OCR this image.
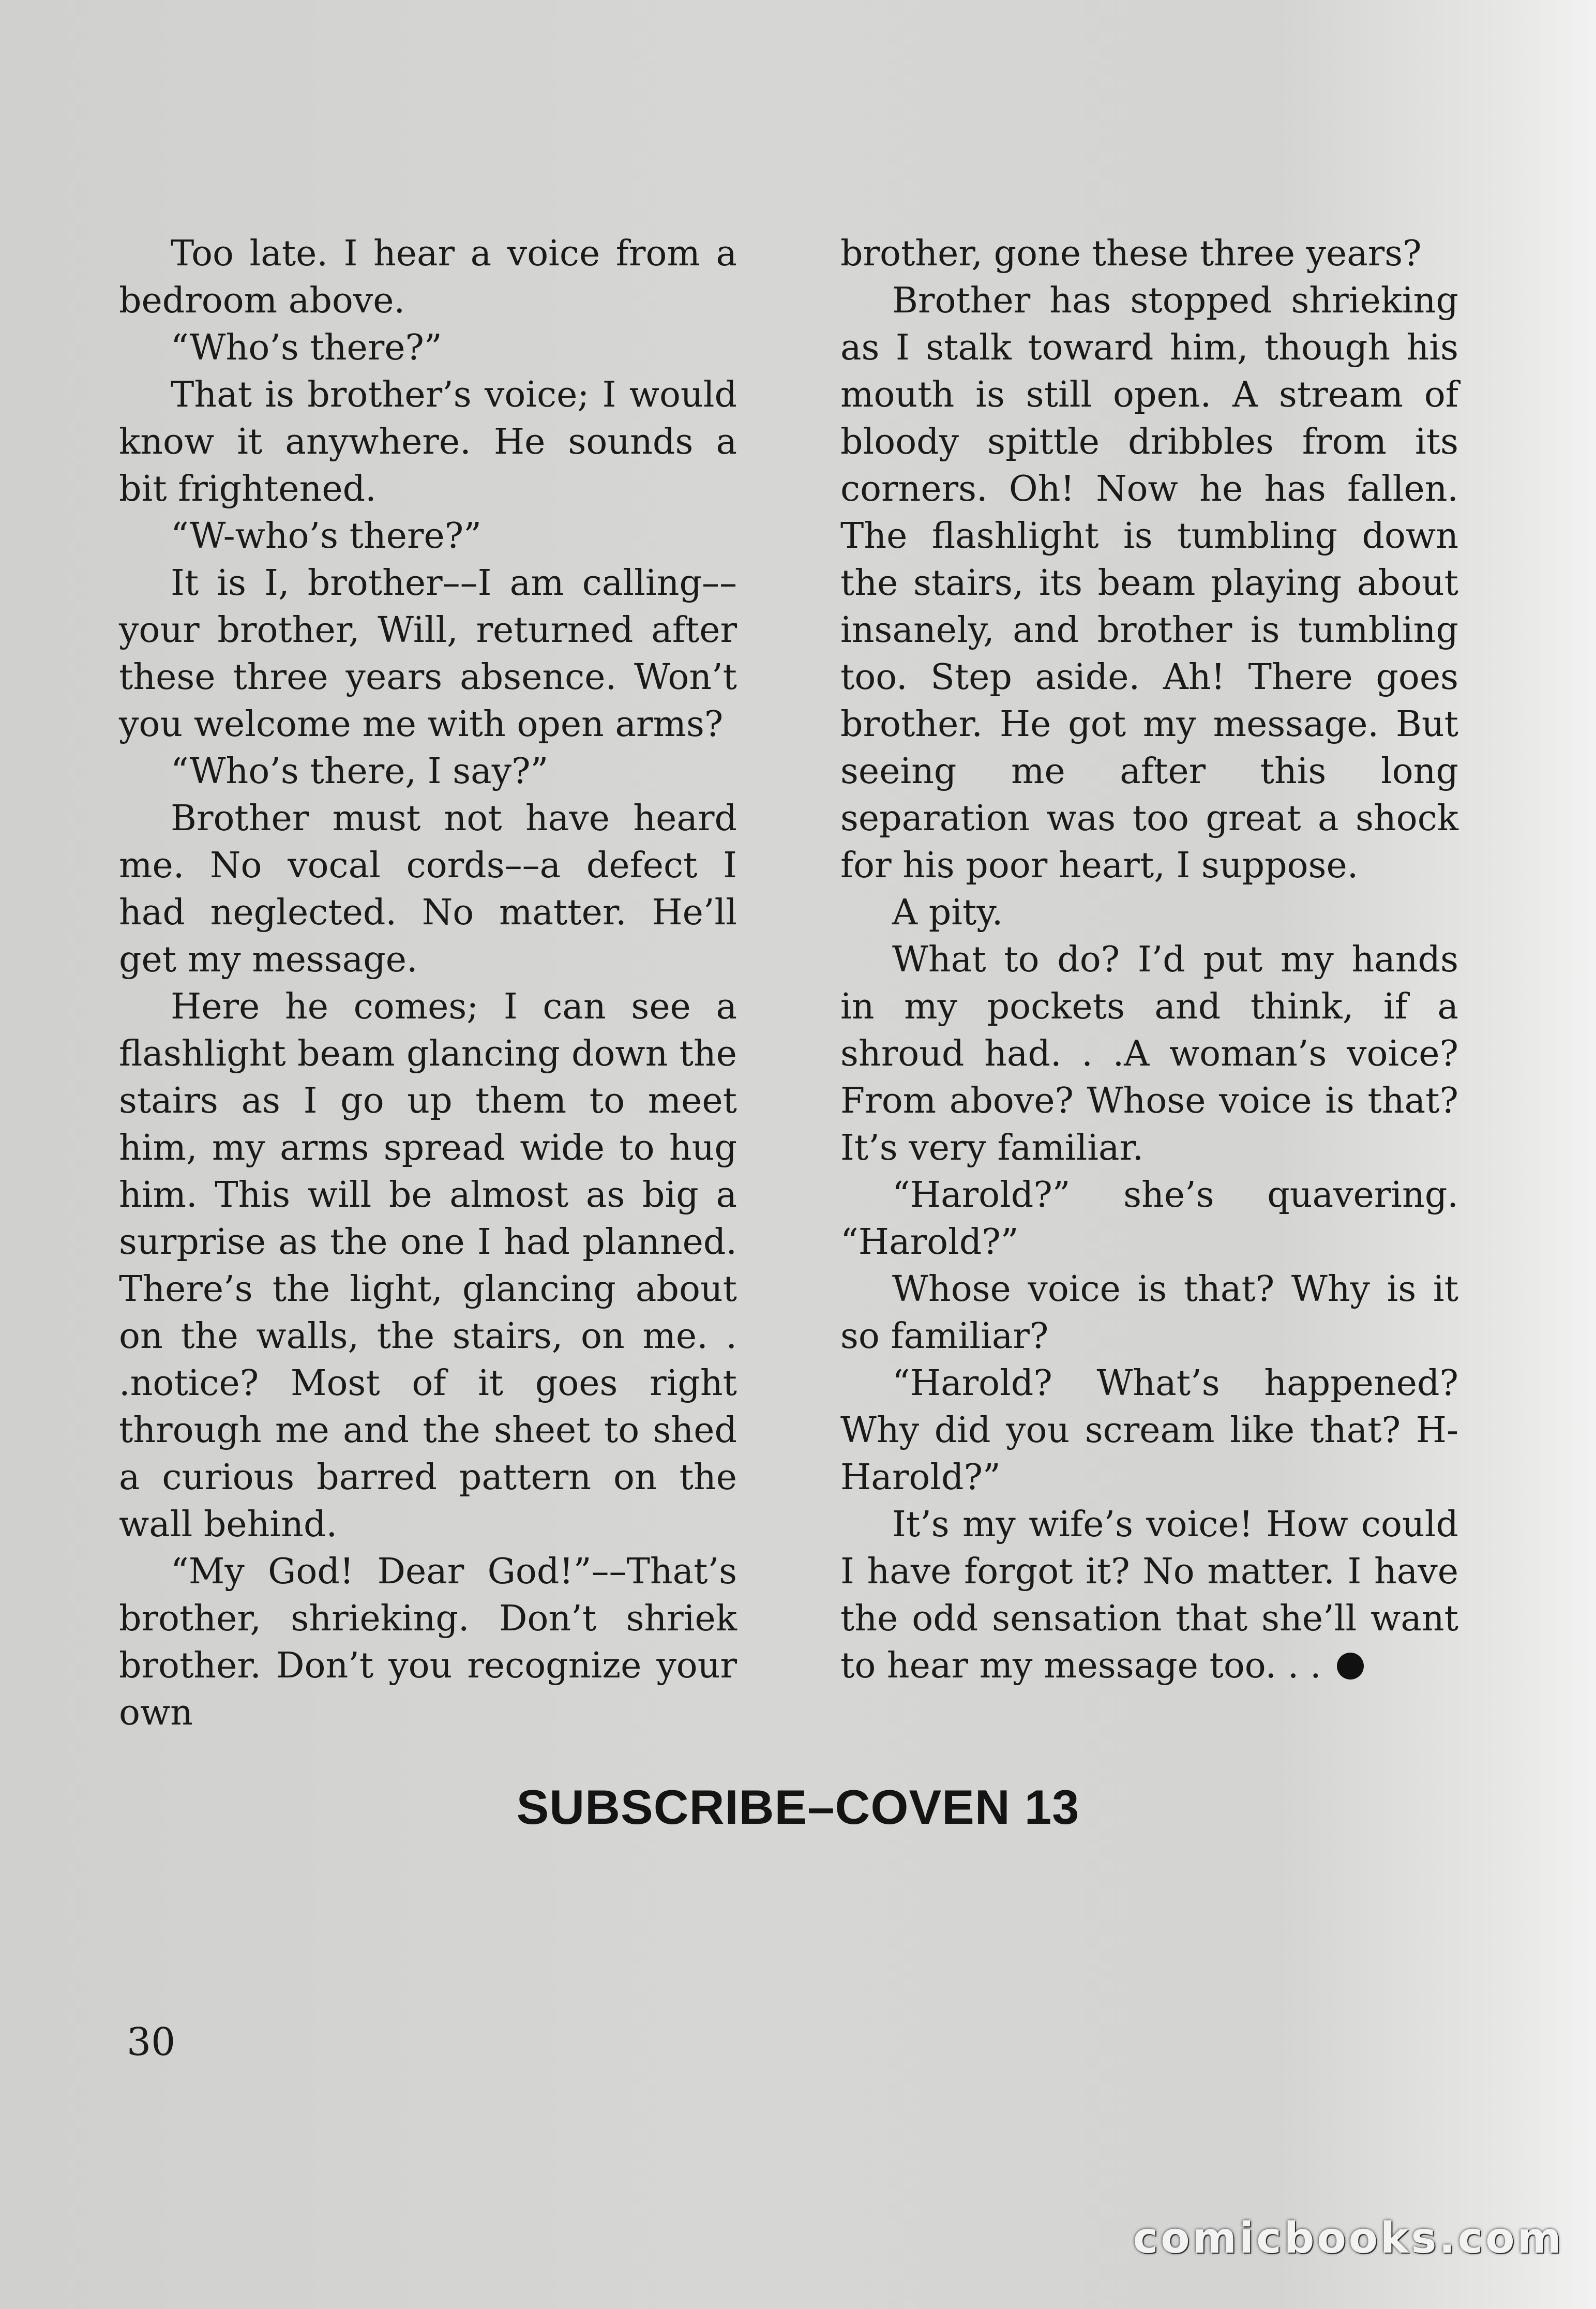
Too late. I hear a voice from a bedroom above.

“Who’s there?”

That is brother’s voice; I would know it anywhere. He sounds a bit frightened.

“W-who’s there?”

It is I, brother––I am calling–– your brother, Will, returned after these three years absence. Won’t you welcome me with open arms?

“Who’s there, I say?”

Brother must not have heard me. No vocal cords––a defect I had neglected. No matter. He’ll get my message.

Here he comes; I can see a flashlight beam glancing down the stairs as I go up them to meet him, my arms spread wide to hug him. This will be almost as big a surprise as the one I had planned. There’s the light, glancing about on the walls, the stairs, on me. . .notice? Most of it goes right through me and the sheet to shed a curious barred pattern on the wall behind.

“My God! Dear God!”––That’s brother, shrieking. Don’t shriek brother. Don’t you recognize your own

brother, gone these three years?

Brother has stopped shrieking as I stalk toward him, though his mouth is still open. A stream of bloody spittle dribbles from its corners. Oh! Now he has fallen. The flashlight is tumbling down the stairs, its beam playing about insanely, and brother is tumbling too. Step aside. Ah! There goes brother. He got my message. But seeing me after this long separation was too great a shock for his poor heart, I suppose.

A pity.

What to do? I’d put my hands in my pockets and think, if a shroud had. . .A woman’s voice? From above? Whose voice is that? It’s very familiar.

“Harold?” she’s quavering. “Harold?”

Whose voice is that? Why is it so familiar?

“Harold? What’s happened? Why did you scream like that? H-Harold?”

It’s my wife’s voice! How could I have forgot it? No matter. I have the odd sensation that she’ll want to hear my message too. . .

SUBSCRIBE–COVEN 13
30
comicbooks.com
